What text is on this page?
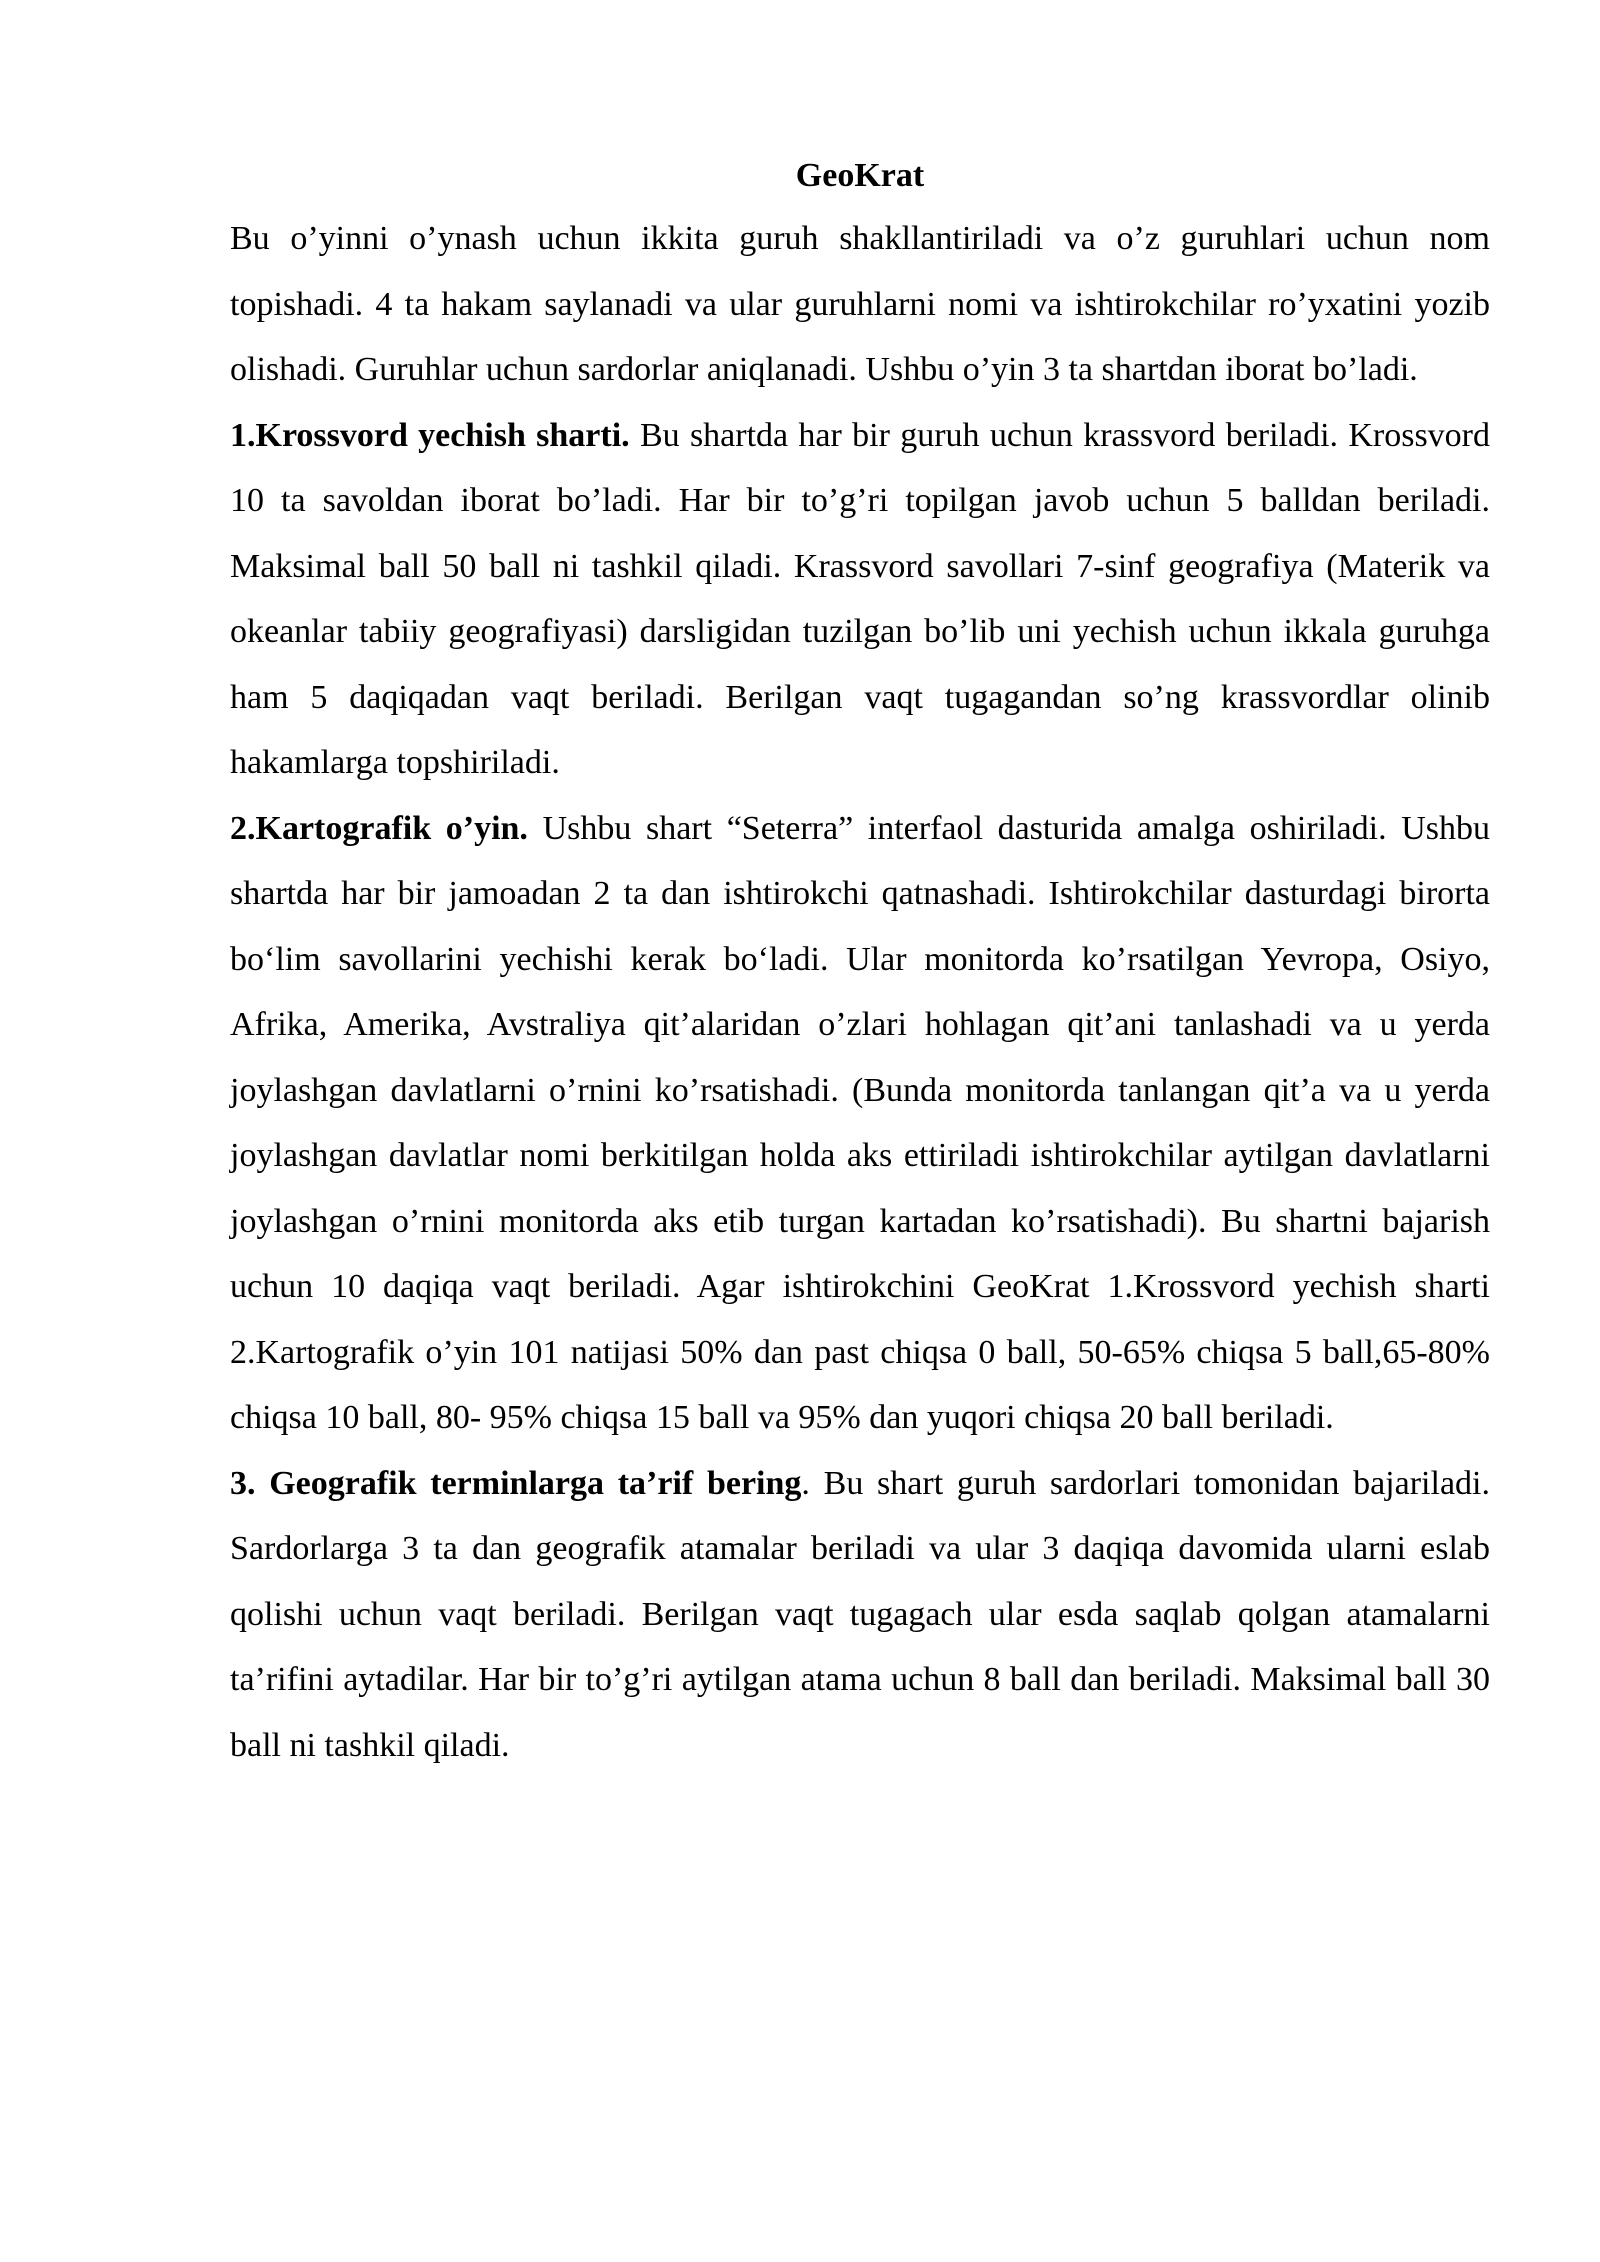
GeoKrat

Bu o’yinni o’ynash uchun ikkita guruh shakllantiriladi va o’z guruhlari uchun nom topishadi. 4 ta hakam saylanadi va ular guruhlarni nomi va ishtirokchilar ro’yxatini yozib olishadi. Guruhlar uchun sardorlar aniqlanadi. Ushbu o’yin 3 ta shartdan iborat bo’ladi.

1.Krossvord yechish sharti. Bu shartda har bir guruh uchun krassvord beriladi. Krossvord 10 ta savoldan iborat bo’ladi. Har bir to’g’ri topilgan javob uchun 5 balldan beriladi. Maksimal ball 50 ball ni tashkil qiladi. Krassvord savollari 7-sinf geografiya (Materik va okeanlar tabiiy geografiyasi) darsligidan tuzilgan bo’lib uni yechish uchun ikkala guruhga ham 5 daqiqadan vaqt beriladi. Berilgan vaqt tugagandan so’ng krassvordlar olinib hakamlarga topshiriladi.

2.Kartografik o’yin. Ushbu shart “Seterra” interfaol dasturida amalga oshiriladi. Ushbu shartda har bir jamoadan 2 ta dan ishtirokchi qatnashadi. Ishtirokchilar dasturdagi birorta bo‘lim savollarini yechishi kerak bo‘ladi. Ular monitorda ko’rsatilgan Yevropa, Osiyo, Afrika, Amerika, Avstraliya qit’alaridan o’zlari hohlagan qit’ani tanlashadi va u yerda joylashgan davlatlarni o’rnini ko’rsatishadi. (Bunda monitorda tanlangan qit’a va u yerda joylashgan davlatlar nomi berkitilgan holda aks ettiriladi ishtirokchilar aytilgan davlatlarni joylashgan o’rnini monitorda aks etib turgan kartadan ko’rsatishadi). Bu shartni bajarish uchun 10 daqiqa vaqt beriladi. Agar ishtirokchini GeoKrat 1.Krossvord yechish sharti 2.Kartografik o’yin 101 natijasi 50% dan past chiqsa 0 ball, 50-65% chiqsa 5 ball,65-80% chiqsa 10 ball, 80- 95% chiqsa 15 ball va 95% dan yuqori chiqsa 20 ball beriladi.

3. Geografik terminlarga ta’rif bering. Bu shart guruh sardorlari tomonidan bajariladi. Sardorlarga 3 ta dan geografik atamalar beriladi va ular 3 daqiqa davomida ularni eslab qolishi uchun vaqt beriladi. Berilgan vaqt tugagach ular esda saqlab qolgan atamalarni ta’rifini aytadilar. Har bir to’g’ri aytilgan atama uchun 8 ball dan beriladi. Maksimal ball 30 ball ni tashkil qiladi.
